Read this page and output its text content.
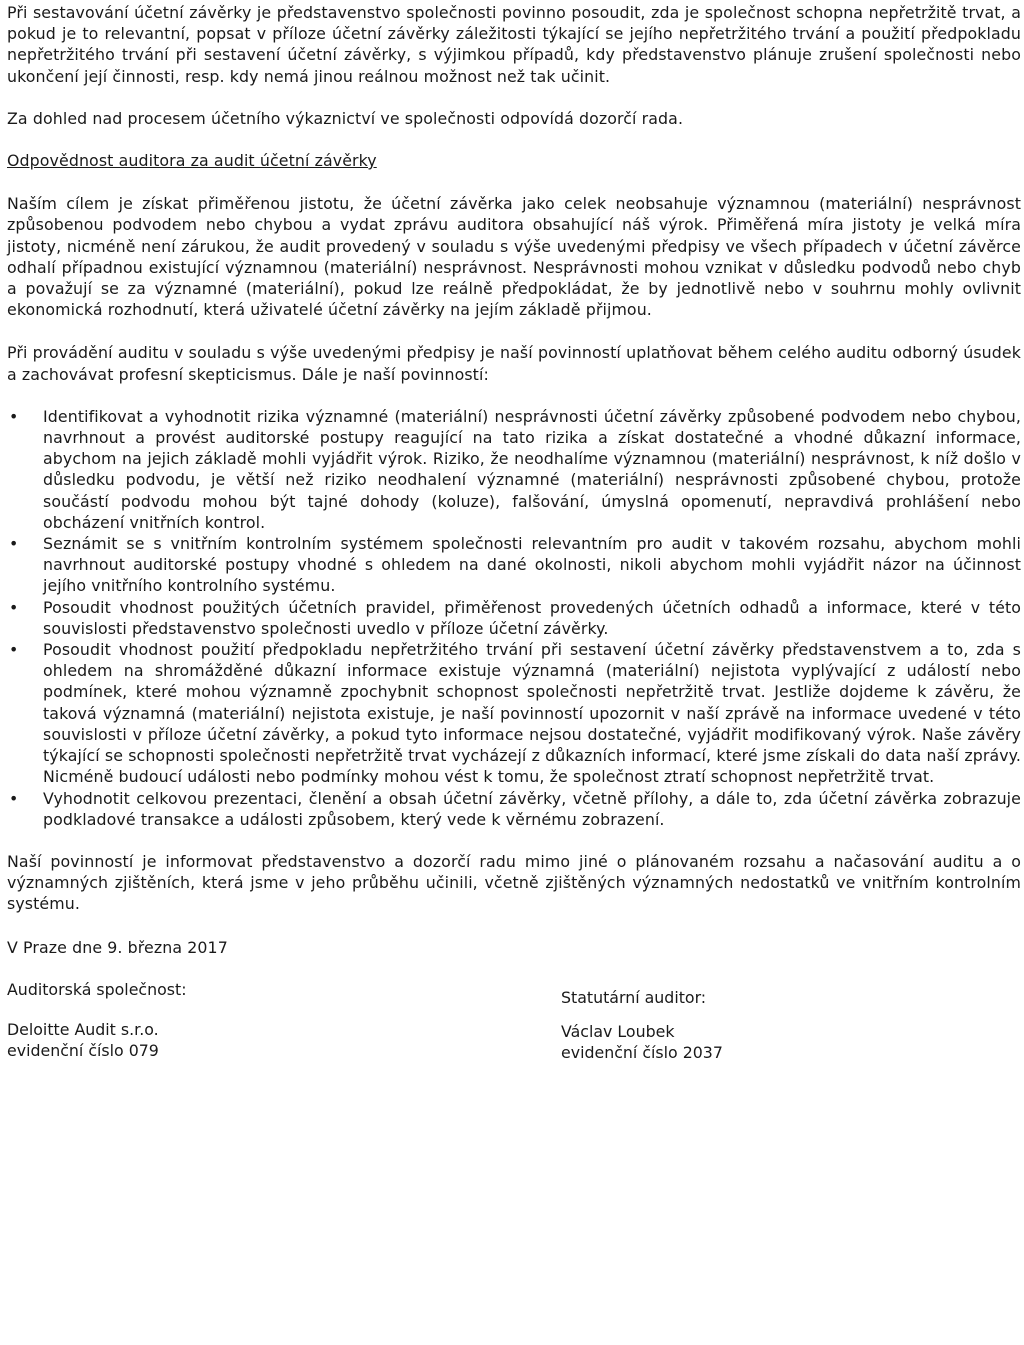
Při sestavování účetní závěrky je představenstvo společnosti povinno posoudit, zda je společnost schopna nepřetržitě trvat, a pokud je to relevantní, popsat v příloze účetní závěrky záležitosti týkající se jejího nepřetržitého trvání a použití předpokladu nepřetržitého trvání při sestavení účetní závěrky, s výjimkou případů, kdy představenstvo plánuje zrušení společnosti nebo ukončení její činnosti, resp. kdy nemá jinou reálnou možnost než tak učinit.

Za dohled nad procesem účetního výkaznictví ve společnosti odpovídá dozorčí rada.

Odpovědnost auditora za audit účetní závěrky

Naším cílem je získat přiměřenou jistotu, že účetní závěrka jako celek neobsahuje významnou (materiální) nesprávnost způsobenou podvodem nebo chybou a vydat zprávu auditora obsahující náš výrok. Přiměřená míra jistoty je velká míra jistoty, nicméně není zárukou, že audit provedený v souladu s výše uvedenými předpisy ve všech případech v účetní závěrce odhalí případnou existující významnou (materiální) nesprávnost. Nesprávnosti mohou vznikat v důsledku podvodů nebo chyb a považují se za významné (materiální), pokud lze reálně předpokládat, že by jednotlivě nebo v souhrnu mohly ovlivnit ekonomická rozhodnutí, která uživatelé účetní závěrky na jejím základě přijmou.

Při provádění auditu v souladu s výše uvedenými předpisy je naší povinností uplatňovat během celého auditu odborný úsudek a zachovávat profesní skepticismus. Dále je naší povinností:

• Identifikovat a vyhodnotit rizika významné (materiální) nesprávnosti účetní závěrky způsobené podvodem nebo chybou, navrhnout a provést auditorské postupy reagující na tato rizika a získat dostatečné a vhodné důkazní informace, abychom na jejich základě mohli vyjádřit výrok. Riziko, že neodhalíme významnou (materiální) nesprávnost, k níž došlo v důsledku podvodu, je větší než riziko neodhalení významné (materiální) nesprávnosti způsobené chybou, protože součástí podvodu mohou být tajné dohody (koluze), falšování, úmyslná opomenutí, nepravdivá prohlášení nebo obcházení vnitřních kontrol.
• Seznámit se s vnitřním kontrolním systémem společnosti relevantním pro audit v takovém rozsahu, abychom mohli navrhnout auditorské postupy vhodné s ohledem na dané okolnosti, nikoli abychom mohli vyjádřit názor na účinnost jejího vnitřního kontrolního systému.
• Posoudit vhodnost použitých účetních pravidel, přiměřenost provedených účetních odhadů a informace, které v této souvislosti představenstvo společnosti uvedlo v příloze účetní závěrky.
• Posoudit vhodnost použití předpokladu nepřetržitého trvání při sestavení účetní závěrky představenstvem a to, zda s ohledem na shromážděné důkazní informace existuje významná (materiální) nejistota vyplývající z událostí nebo podmínek, které mohou významně zpochybnit schopnost společnosti nepřetržitě trvat. Jestliže dojdeme k závěru, že taková významná (materiální) nejistota existuje, je naší povinností upozornit v naší zprávě na informace uvedené v této souvislosti v příloze účetní závěrky, a pokud tyto informace nejsou dostatečné, vyjádřit modifikovaný výrok. Naše závěry týkající se schopnosti společnosti nepřetržitě trvat vycházejí z důkazních informací, které jsme získali do data naší zprávy. Nicméně budoucí události nebo podmínky mohou vést k tomu, že společnost ztratí schopnost nepřetržitě trvat.
• Vyhodnotit celkovou prezentaci, členění a obsah účetní závěrky, včetně přílohy, a dále to, zda účetní závěrka zobrazuje podkladové transakce a události způsobem, který vede k věrnému zobrazení.

Naší povinností je informovat představenstvo a dozorčí radu mimo jiné o plánovaném rozsahu a načasování auditu a o významných zjištěních, která jsme v jeho průběhu učinili, včetně zjištěných významných nedostatků ve vnitřním kontrolním systému.

V Praze dne 9. března 2017

Auditorská společnost:
Deloitte Audit s.r.o.
evidenční číslo 079
Statutární auditor:
Václav Loubek
evidenční číslo 2037
